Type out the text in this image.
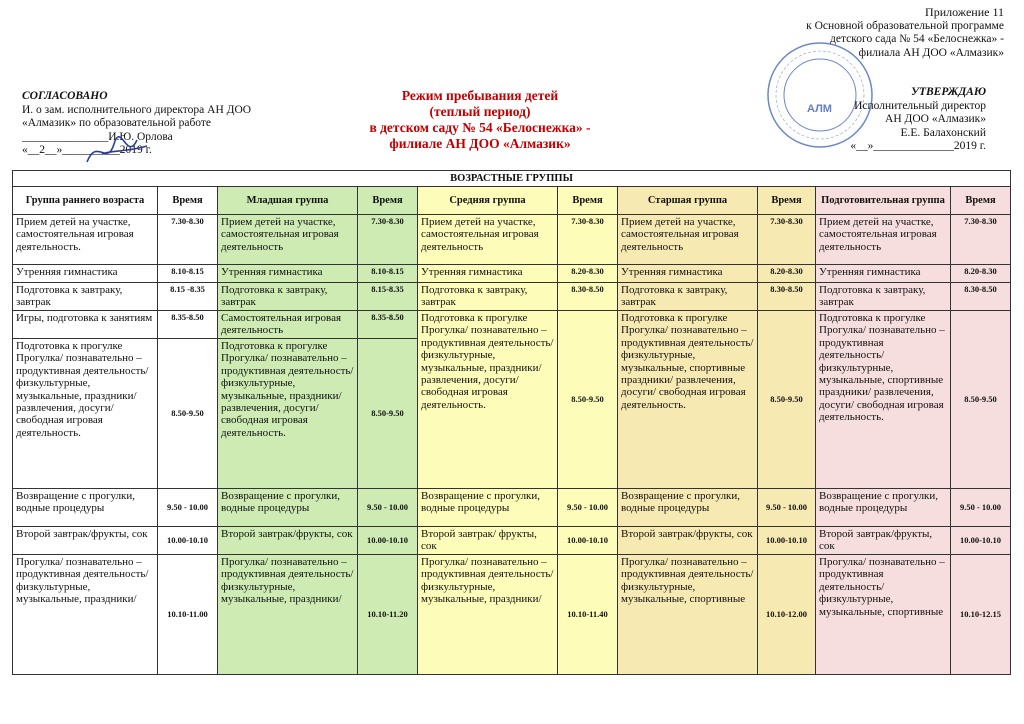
Приложение 11
к Основной образовательной программе
детского сада № 54 «Белоснежка» -
филиала АН ДОО «Алмазик»
СОГЛАСОВАНО
И. о зам. исполнительного директора АН ДОО
«Алмазик» по образовательной работе
_______________И.Ю. Орлова
«__2__»__________2019 г.
Режим пребывания детей
(теплый период)
в детском саду № 54 «Белоснежка» -
филиале АН ДОО «Алмазик»
АЛМ
УТВЕРЖДАЮ
Исполнительный директор
АН ДОО «Алмазик»
Е.Е. Балахонский
«__»______________2019 г.
ВОЗРАСТНЫЕ ГРУППЫ									
Группа раннего возраста	Время	Младшая группа	Время	Средняя группа	Время	Старшая группа	Время	Подготовительная группа	Время
Прием детей на участке, самостоятельная игровая деятельность.	7.30-8.30	Прием детей на участке, самостоятельная игровая деятельность	7.30-8.30	Прием детей на участке, самостоятельная игровая деятельность	7.30-8.30	Прием детей на участке, самостоятельная игровая деятельность	7.30-8.30	Прием детей на участке, самостоятельная игровая деятельность	7.30-8.30
Утренняя гимнастика	8.10-8.15	Утренняя гимнастика	8.10-8.15	Утренняя гимнастика	8.20-8.30	Утренняя гимнастика	8.20-8.30	Утренняя гимнастика	8.20-8.30
Подготовка к завтраку, завтрак	8.15 -8.35	Подготовка к завтраку, завтрак	8.15-8.35	Подготовка к завтраку, завтрак	8.30-8.50	Подготовка к завтраку, завтрак	8.30-8.50	Подготовка к завтраку, завтрак	8.30-8.50
Игры, подготовка к занятиям	8.35-8.50	Самостоятельная игровая деятельность	8.35-8.50	Подготовка к прогулке Прогулка/ познавательно – продуктивная деятельность/ физкультурные, музыкальные, праздники/ развлечения, досуги/ свободная игровая деятельность.	8.50-9.50	Подготовка к прогулке Прогулка/ познавательно – продуктивная деятельность/ физкультурные, музыкальные, спортивные праздники/ развлечения, досуги/ свободная игровая деятельность.	8.50-9.50	Подготовка к прогулке Прогулка/ познавательно – продуктивная деятельность/ физкультурные, музыкальные, спортивные праздники/ развлечения, досуги/ свободная игровая деятельность.	8.50-9.50
Подготовка к прогулке Прогулка/ познавательно – продуктивная деятельность/ физкультурные, музыкальные, праздники/ развлечения, досуги/ свободная игровая деятельность.	8.50-9.50	Подготовка к прогулке Прогулка/ познавательно – продуктивная деятельность/ физкультурные, музыкальные, праздники/ развлечения, досуги/ свободная игровая деятельность.	8.50-9.50						
Возвращение с прогулки, водные процедуры	9.50 - 10.00	Возвращение с прогулки, водные процедуры	9.50 - 10.00	Возвращение с прогулки, водные процедуры	9.50 - 10.00	Возвращение с прогулки, водные процедуры	9.50 - 10.00	Возвращение с прогулки, водные процедуры	9.50 - 10.00
Второй завтрак/фрукты, сок	10.00-10.10	Второй завтрак/фрукты, сок	10.00-10.10	Второй завтрак/ фрукты, сок	10.00-10.10	Второй завтрак/фрукты, сок	10.00-10.10	Второй завтрак/фрукты, сок	10.00-10.10
Прогулка/ познавательно – продуктивная деятельность/ физкультурные, музыкальные, праздники/	10.10-11.00	Прогулка/ познавательно – продуктивная деятельность/ физкультурные, музыкальные, праздники/	10.10-11.20	Прогулка/ познавательно – продуктивная деятельность/ физкультурные, музыкальные, праздники/	10.10-11.40	Прогулка/ познавательно – продуктивная деятельность/ физкультурные, музыкальные, спортивные	10.10-12.00	Прогулка/ познавательно – продуктивная деятельность/ физкультурные, музыкальные, спортивные	10.10-12.15
